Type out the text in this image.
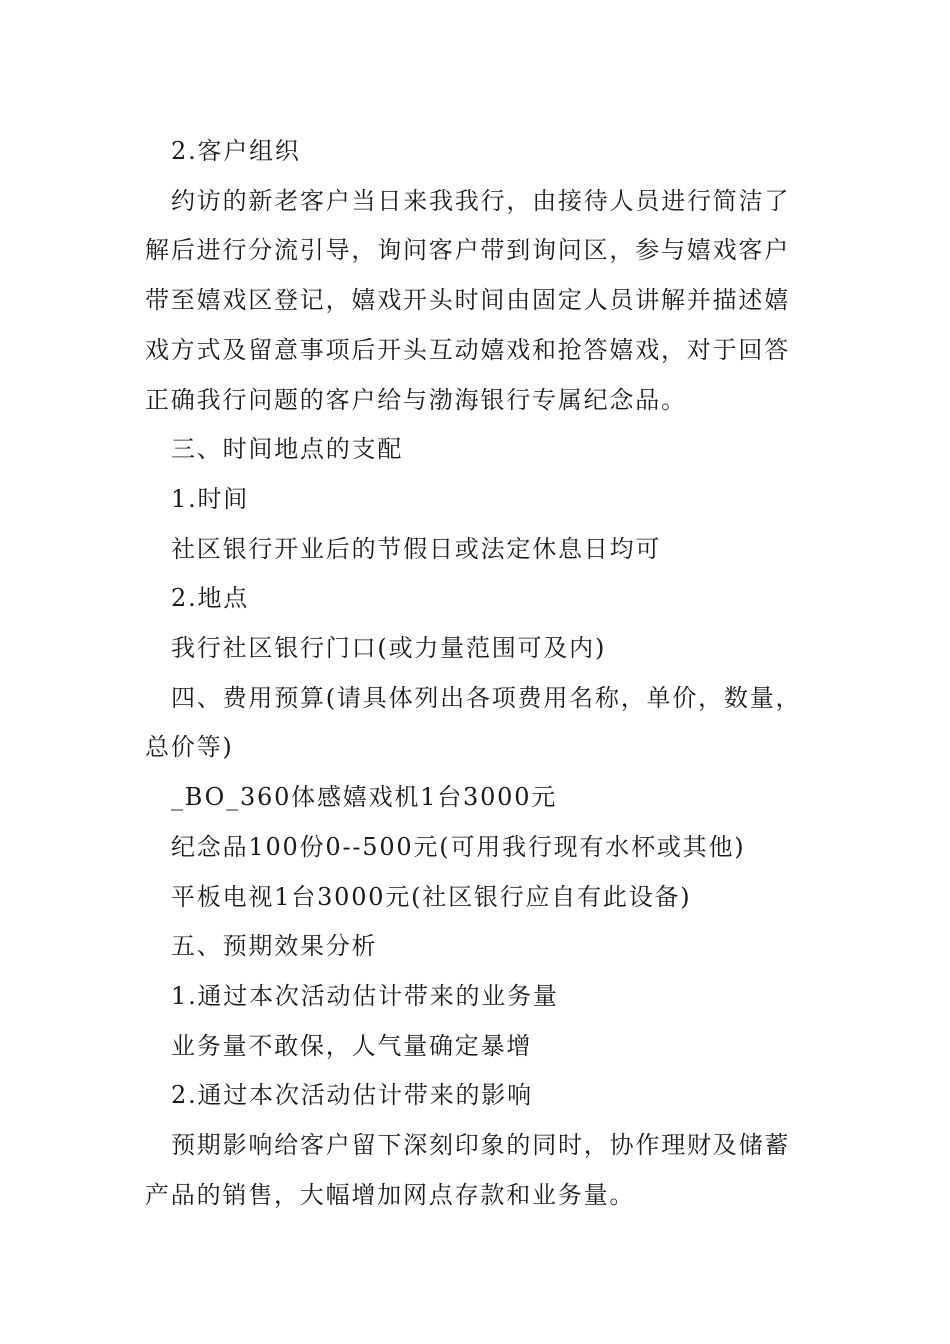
2.客户组织

约访的新老客户当日来我我行，由接待人员进行简洁了解后进行分流引导，询问客户带到询问区，参与嬉戏客户带至嬉戏区登记，嬉戏开头时间由固定人员讲解并描述嬉戏方式及留意事项后开头互动嬉戏和抢答嬉戏，对于回答正确我行问题的客户给与渤海银行专属纪念品。

三、时间地点的支配

1.时间

社区银行开业后的节假日或法定休息日均可

2.地点

我行社区银行门口(或力量范围可及内)

四、费用预算(请具体列出各项费用名称，单价，数量，总价等)

_BO_360体感嬉戏机1台3000元

纪念品100份0--500元(可用我行现有水杯或其他)

平板电视1台3000元(社区银行应自有此设备)

五、预期效果分析

1.通过本次活动估计带来的业务量

业务量不敢保，人气量确定暴增

2.通过本次活动估计带来的影响

预期影响给客户留下深刻印象的同时，协作理财及储蓄产品的销售，大幅增加网点存款和业务量。
